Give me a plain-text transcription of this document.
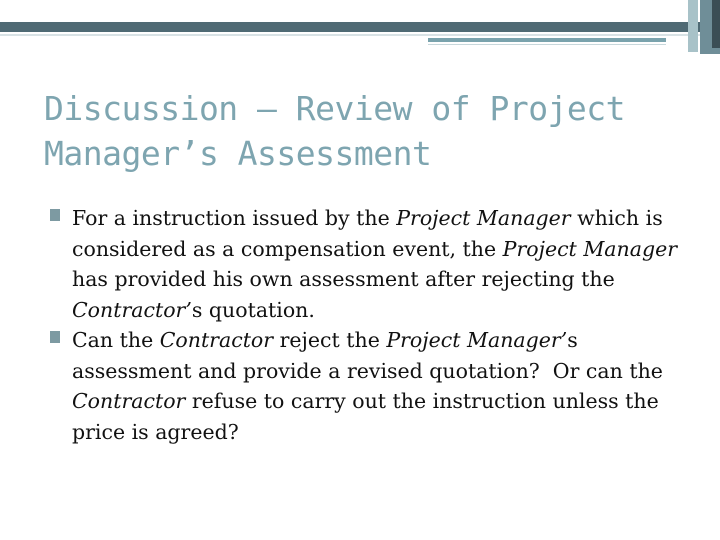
Discussion – Review of Project Manager’s Assessment
For a instruction issued by the Project Manager which is considered as a compensation event, the Project Manager has provided his own assessment after rejecting the Contractor’s quotation.
Can the Contractor reject the Project Manager’s assessment and provide a revised quotation?  Or can the Contractor refuse to carry out the instruction unless the price is agreed?
